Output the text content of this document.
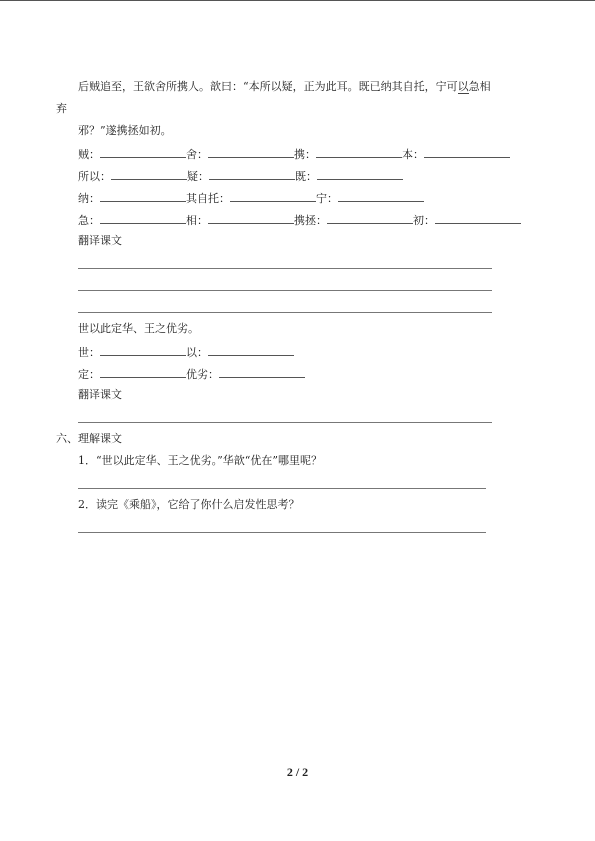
后贼追至，王欲舍所携人。歆曰：“本所以疑，正为此耳。既已纳其自托，宁可以急相
弃
邪？”遂携拯如初。
贼：	舍：	携：	本：
所以：	疑：	既：
纳：	其自托：	宁：
急：	相：	携拯：	初：
翻译课文
世以此定华、王之优劣。
世：	以：
定：	优劣：
翻译课文
六、理解课文
1．“世以此定华、王之优劣。”华歆“优在”哪里呢？
2．读完《乘船》，它给了你什么启发性思考？
2 / 2
